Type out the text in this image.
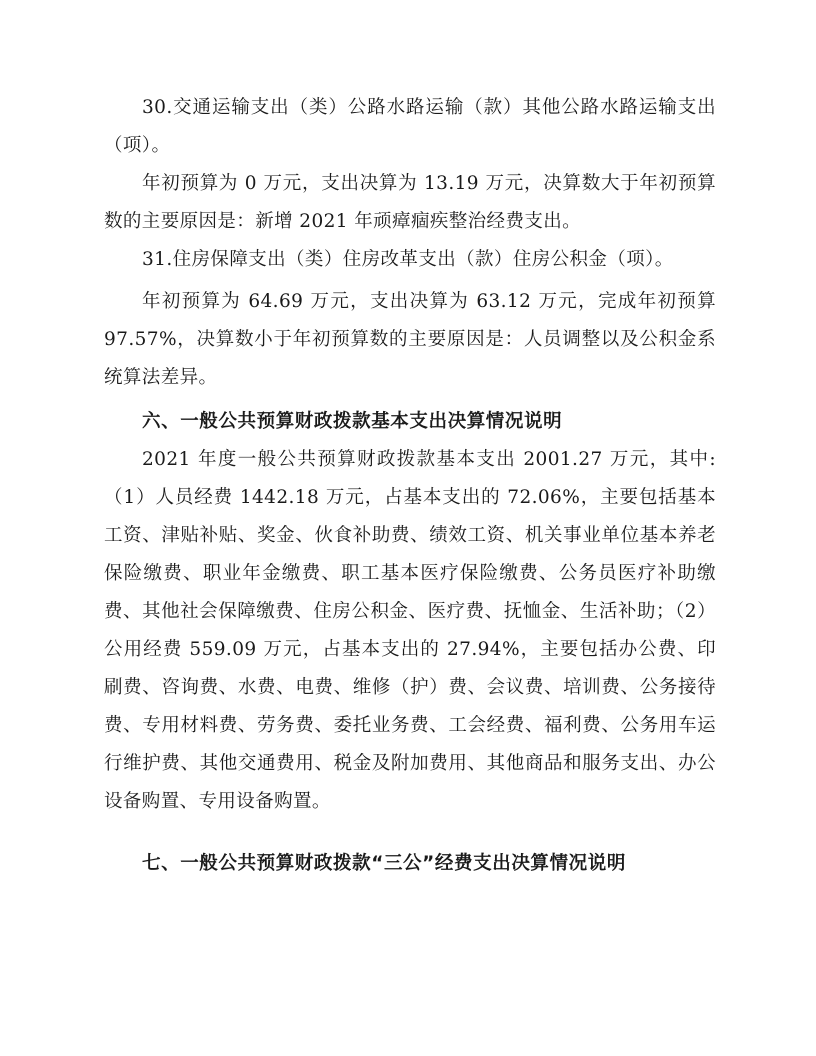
30.交通运输支出（类）公路水路运输（款）其他公路水路运输支出（项）。

年初预算为 0 万元，支出决算为 13.19 万元，决算数大于年初预算数的主要原因是：新增 2021 年顽瘴痼疾整治经费支出。

31.住房保障支出（类）住房改革支出（款）住房公积金（项）。

年初预算为 64.69 万元，支出决算为 63.12 万元，完成年初预算97.57%，决算数小于年初预算数的主要原因是：人员调整以及公积金系统算法差异。

六、一般公共预算财政拨款基本支出决算情况说明

2021 年度一般公共预算财政拨款基本支出 2001.27 万元，其中:（1）人员经费 1442.18 万元，占基本支出的 72.06%，主要包括基本工资、津贴补贴、奖金、伙食补助费、绩效工资、机关事业单位基本养老保险缴费、职业年金缴费、职工基本医疗保险缴费、公务员医疗补助缴费、其他社会保障缴费、住房公积金、医疗费、抚恤金、生活补助；（2）公用经费 559.09 万元，占基本支出的 27.94%，主要包括办公费、印刷费、咨询费、水费、电费、维修（护）费、会议费、培训费、公务接待费、专用材料费、劳务费、委托业务费、工会经费、福利费、公务用车运行维护费、其他交通费用、税金及附加费用、其他商品和服务支出、办公设备购置、专用设备购置。

七、一般公共预算财政拨款“三公”经费支出决算情况说明
